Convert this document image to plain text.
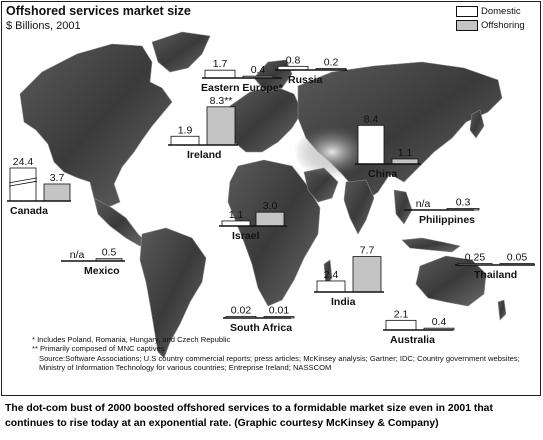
24.4
3.7
Canada
n/a 0.5
Mexico
1.7 0.4
Eastern Europe*
0.8 0.2
Russia
1.9
8.3**
Ireland
1.1
3.0
Israel
8.4
1.1
China
n/a 0.3
Philippines
0.25 0.05
Thailand
2.4
7.7
India
0.02 0.01
South Africa
2.1
0.4
Australia
Offshored services market size
$ Billions, 2001
Domestic
Offshoring
* Includes Poland, Romania, Hungary, and Czech Republic
** Primarily composed of MNC captives
Source:Software Associations; U.S country commercial reports; press articles; McKinsey analysis; Gartner; IDC; Country government websites; Ministry of Information Technology for various countries; Entreprise Ireland; NASSCOM
The dot-com bust of 2000 boosted offshored services to a formidable market size even in 2001 that continues to rise today at an exponential rate. (Graphic courtesy McKinsey & Company)
